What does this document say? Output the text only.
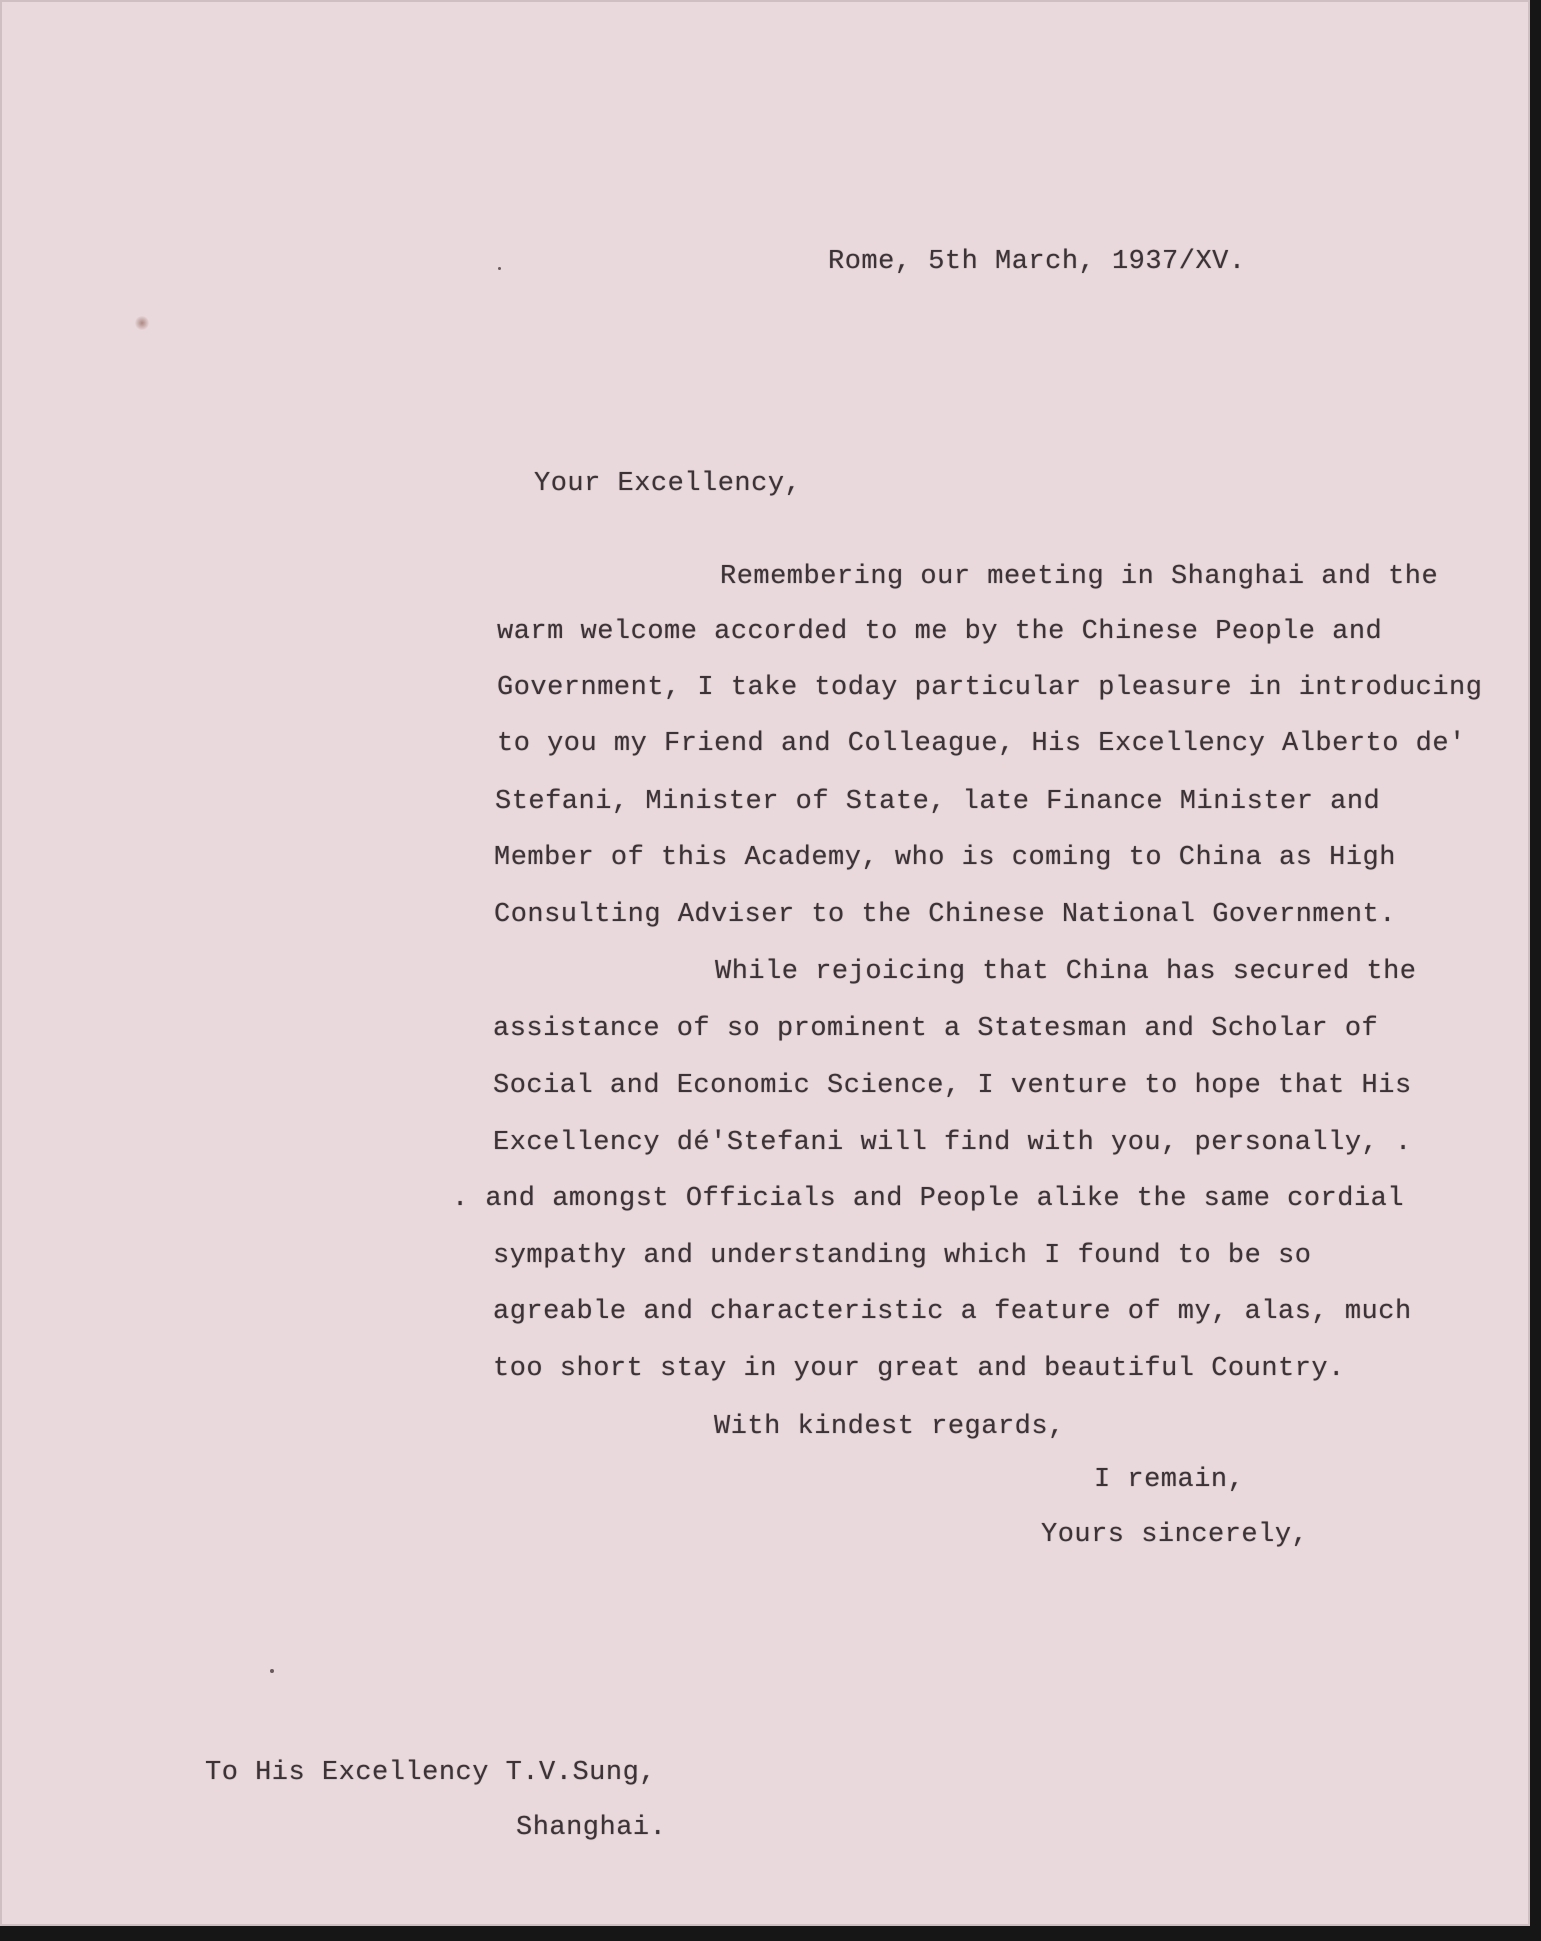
Rome, 5th March, 1937/XV.
Your Excellency,
Remembering our meeting in Shanghai and the
warm welcome accorded to me by the Chinese People and
Government, I take today particular pleasure in introducing
to you my Friend and Colleague, His Excellency Alberto de'
Stefani, Minister of State, late Finance Minister and
Member of this Academy, who is coming to China as High
Consulting Adviser to the Chinese National Government.
While rejoicing that China has secured the
assistance of so prominent a Statesman and Scholar of
Social and Economic Science, I venture to hope that His
Excellency dé'Stefani will find with you, personally, .
. and amongst Officials and People alike the same cordial
sympathy and understanding which I found to be so
agreable and characteristic a feature of my, alas, much
too short stay in your great and beautiful Country.
With kindest regards,
I remain,
Yours sincerely,
To His Excellency T.V.Sung,
Shanghai.
